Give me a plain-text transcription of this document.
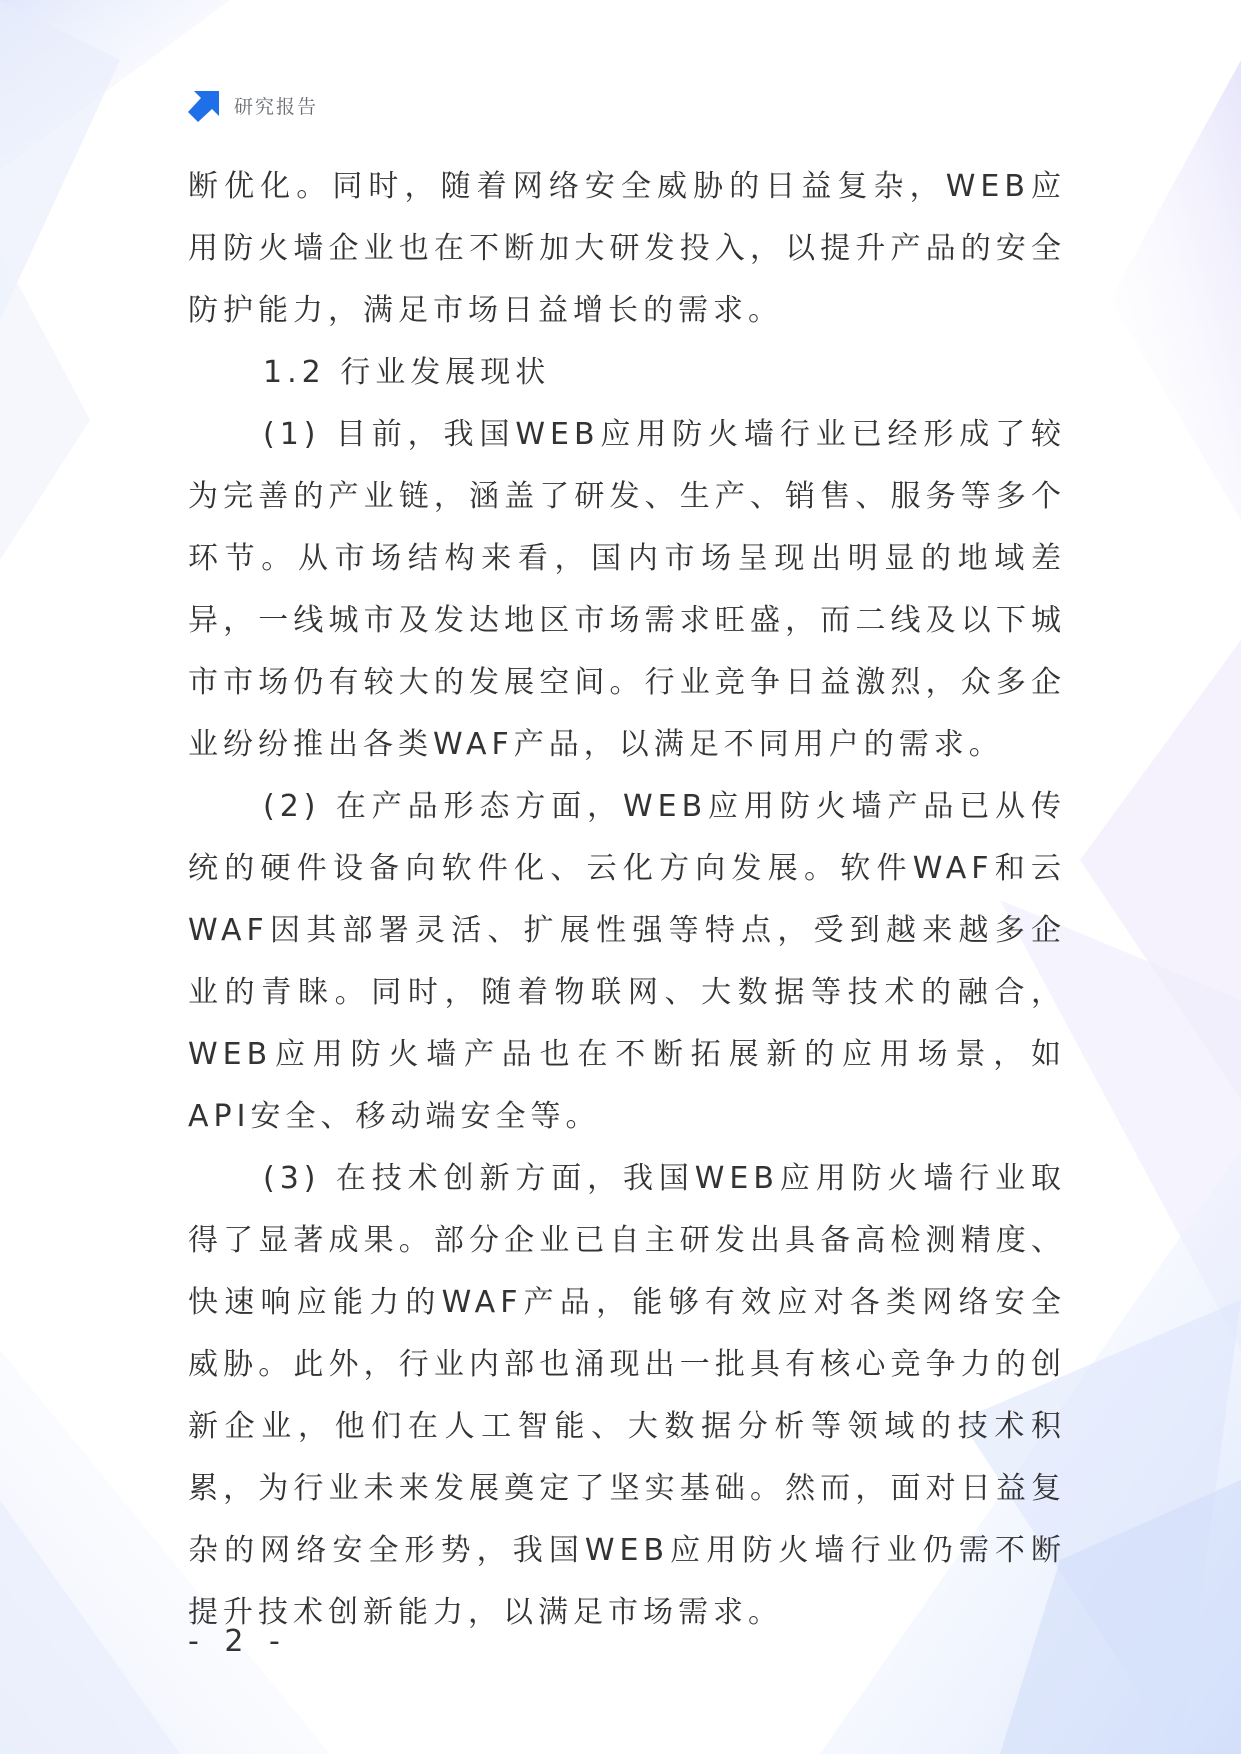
研究报告

断优化。同时，随着网络安全威胁的日益复杂，WEB应用防火墙企业也在不断加大研发投入，以提升产品的安全防护能力，满足市场日益增长的需求。

1.2 行业发展现状

(1) 目前，我国WEB应用防火墙行业已经形成了较为完善的产业链，涵盖了研发、生产、销售、服务等多个环节。从市场结构来看，国内市场呈现出明显的地域差异，一线城市及发达地区市场需求旺盛，而二线及以下城市市场仍有较大的发展空间。行业竞争日益激烈，众多企业纷纷推出各类WAF产品，以满足不同用户的需求。

(2) 在产品形态方面，WEB应用防火墙产品已从传统的硬件设备向软件化、云化方向发展。软件WAF和云WAF因其部署灵活、扩展性强等特点，受到越来越多企业的青睐。同时，随着物联网、大数据等技术的融合，WEB应用防火墙产品也在不断拓展新的应用场景，如API安全、移动端安全等。

(3) 在技术创新方面，我国WEB应用防火墙行业取得了显著成果。部分企业已自主研发出具备高检测精度、快速响应能力的WAF产品，能够有效应对各类网络安全威胁。此外，行业内部也涌现出一批具有核心竞争力的创新企业，他们在人工智能、大数据分析等领域的技术积累，为行业未来发展奠定了坚实基础。然而，面对日益复杂的网络安全形势，我国WEB应用防火墙行业仍需不断提升技术创新能力，以满足市场需求。

- 2 -
